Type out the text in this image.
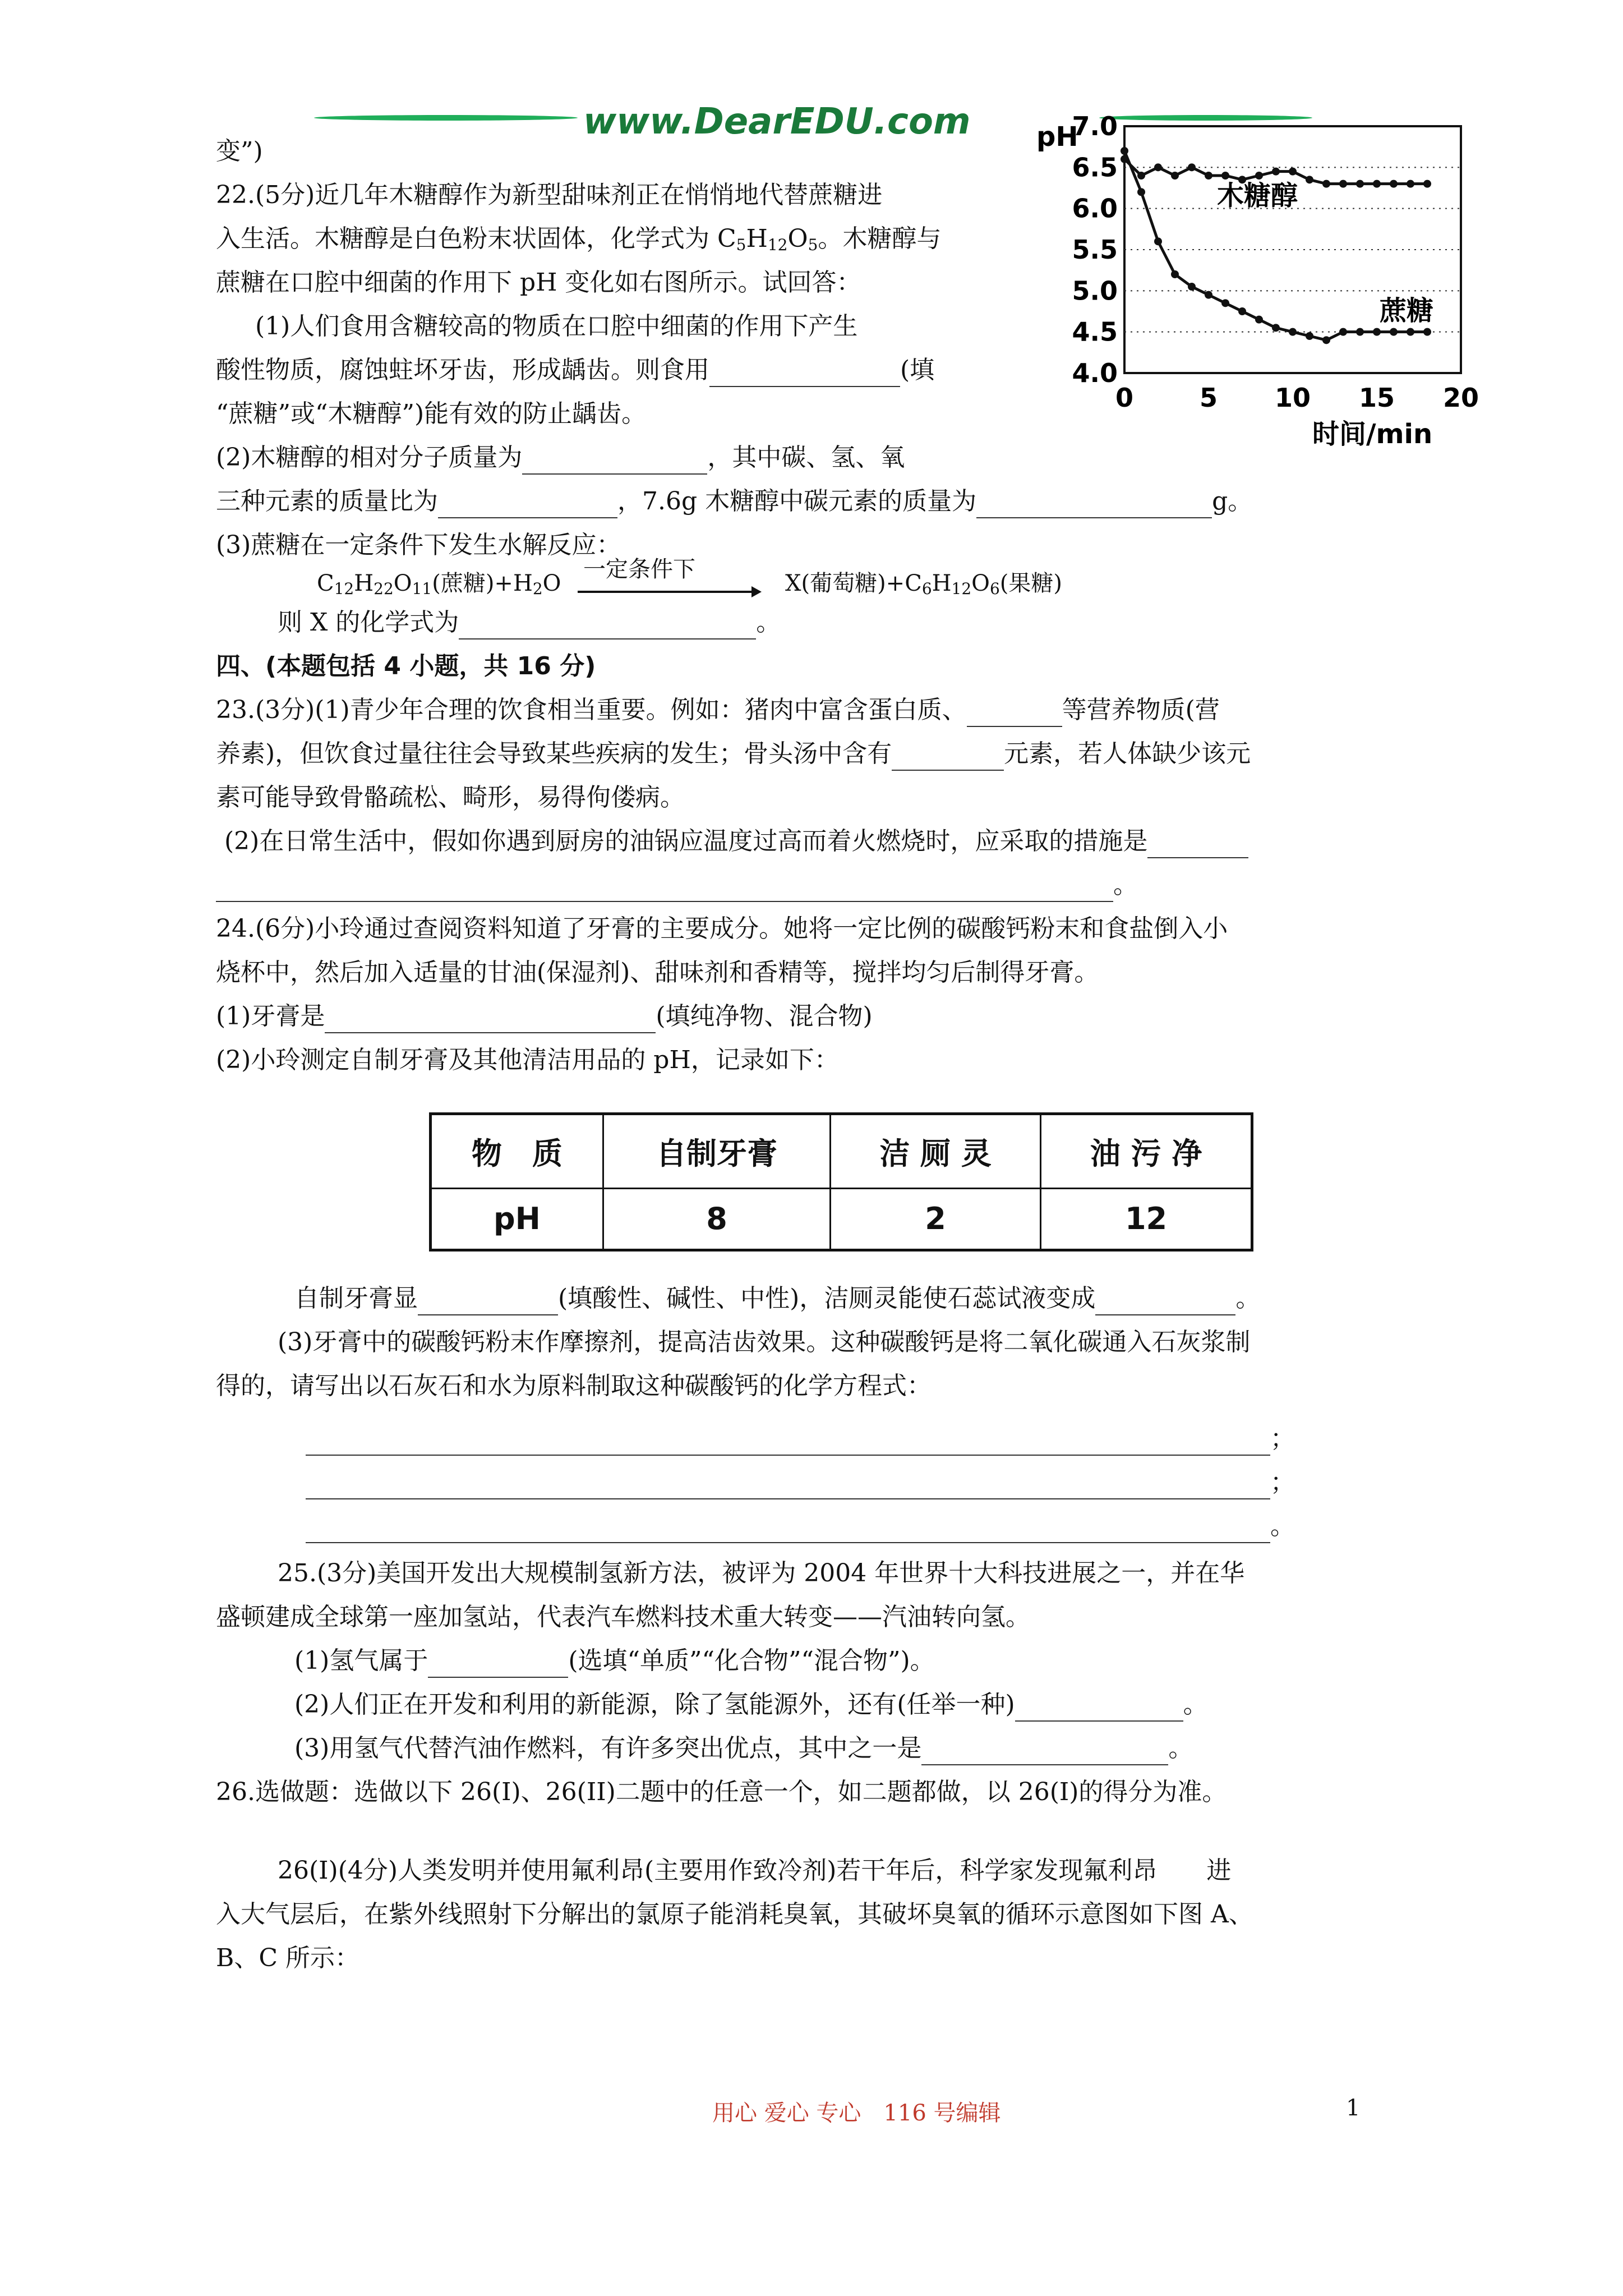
www.DearEDU.com
4.0
4.5
5.0
5.5
6.0
6.5
7.0
0	5 10 15 20
pH
时间/min
木糖醇
蔗糖
变”)
22.(5分)近几年木糖醇作为新型甜味剂正在悄悄地代替蔗糖进
入生活。木糖醇是白色粉末状固体，化学式为 $C_5H_{12}O_5$。木糖醇与
蔗糖在口腔中细菌的作用下 pH 变化如右图所示。试回答：
(1)人们食用含糖较高的物质在口腔中细菌的作用下产生
酸性物质，腐蚀蛀坏牙齿，形成龋齿。则食用	(填
“蔗糖”或“木糖醇”)能有效的防止龋齿。
(2)木糖醇的相对分子质量为	，其中碳、氢、氧
三种元素的质量比为	，7.6g 木糖醇中碳元素的质量为	g。
(3)蔗糖在一定条件下发生水解反应：
$C_{12}H_{22}O_{11}$(蔗糖)$+H_2O$
一定条件下
X(葡萄糖)$+C_6H_{12}O_6$(果糖)
则 X 的化学式为	。
四、(本题包括 4 小题，共 16 分)
23.(3分)(1)青少年合理的饮食相当重要。例如：猪肉中富含蛋白质、	等营养物质(营
养素)，但饮食过量往往会导致某些疾病的发生；骨头汤中含有	元素，若人体缺少该元
素可能导致骨骼疏松、畸形，易得佝偻病。
(2)在日常生活中，假如你遇到厨房的油锅应温度过高而着火燃烧时，应采取的措施是
。
24.(6分)小玲通过查阅资料知道了牙膏的主要成分。她将一定比例的碳酸钙粉末和食盐倒入小
烧杯中，然后加入适量的甘油(保湿剂)、甜味剂和香精等，搅拌均匀后制得牙膏。
(1)牙膏是	(填纯净物、混合物)
(2)小玲测定自制牙膏及其他清洁用品的 pH，记录如下：
物　质	自制牙膏	洁 厕 灵	油 污 净
pH	8	2	12
自制牙膏显	(填酸性、碱性、中性)，洁厕灵能使石蕊试液变成	。
(3)牙膏中的碳酸钙粉末作摩擦剂，提高洁齿效果。这种碳酸钙是将二氧化碳通入石灰浆制
得的，请写出以石灰石和水为原料制取这种碳酸钙的化学方程式：
；
；
。
25.(3分)美国开发出大规模制氢新方法，被评为 2004 年世界十大科技进展之一，并在华
盛顿建成全球第一座加氢站，代表汽车燃料技术重大转变——汽油转向氢。
(1)氢气属于	(选填“单质”“化合物”“混合物”)。
(2)人们正在开发和利用的新能源，除了氢能源外，还有(任举一种)	。
(3)用氢气代替汽油作燃料，有许多突出优点，其中之一是	。
26.选做题：选做以下 26(I)、26(II)二题中的任意一个，如二题都做，以 26(I)的得分为准。
26(I)(4分)人类发明并使用氟利昂(主要用作致冷剂)若干年后，科学家发现氟利昂　　进
入大气层后，在紫外线照射下分解出的氯原子能消耗臭氧，其破坏臭氧的循环示意图如下图 A、
B、C 所示：
用心 爱心 专心　116 号编辑	1
